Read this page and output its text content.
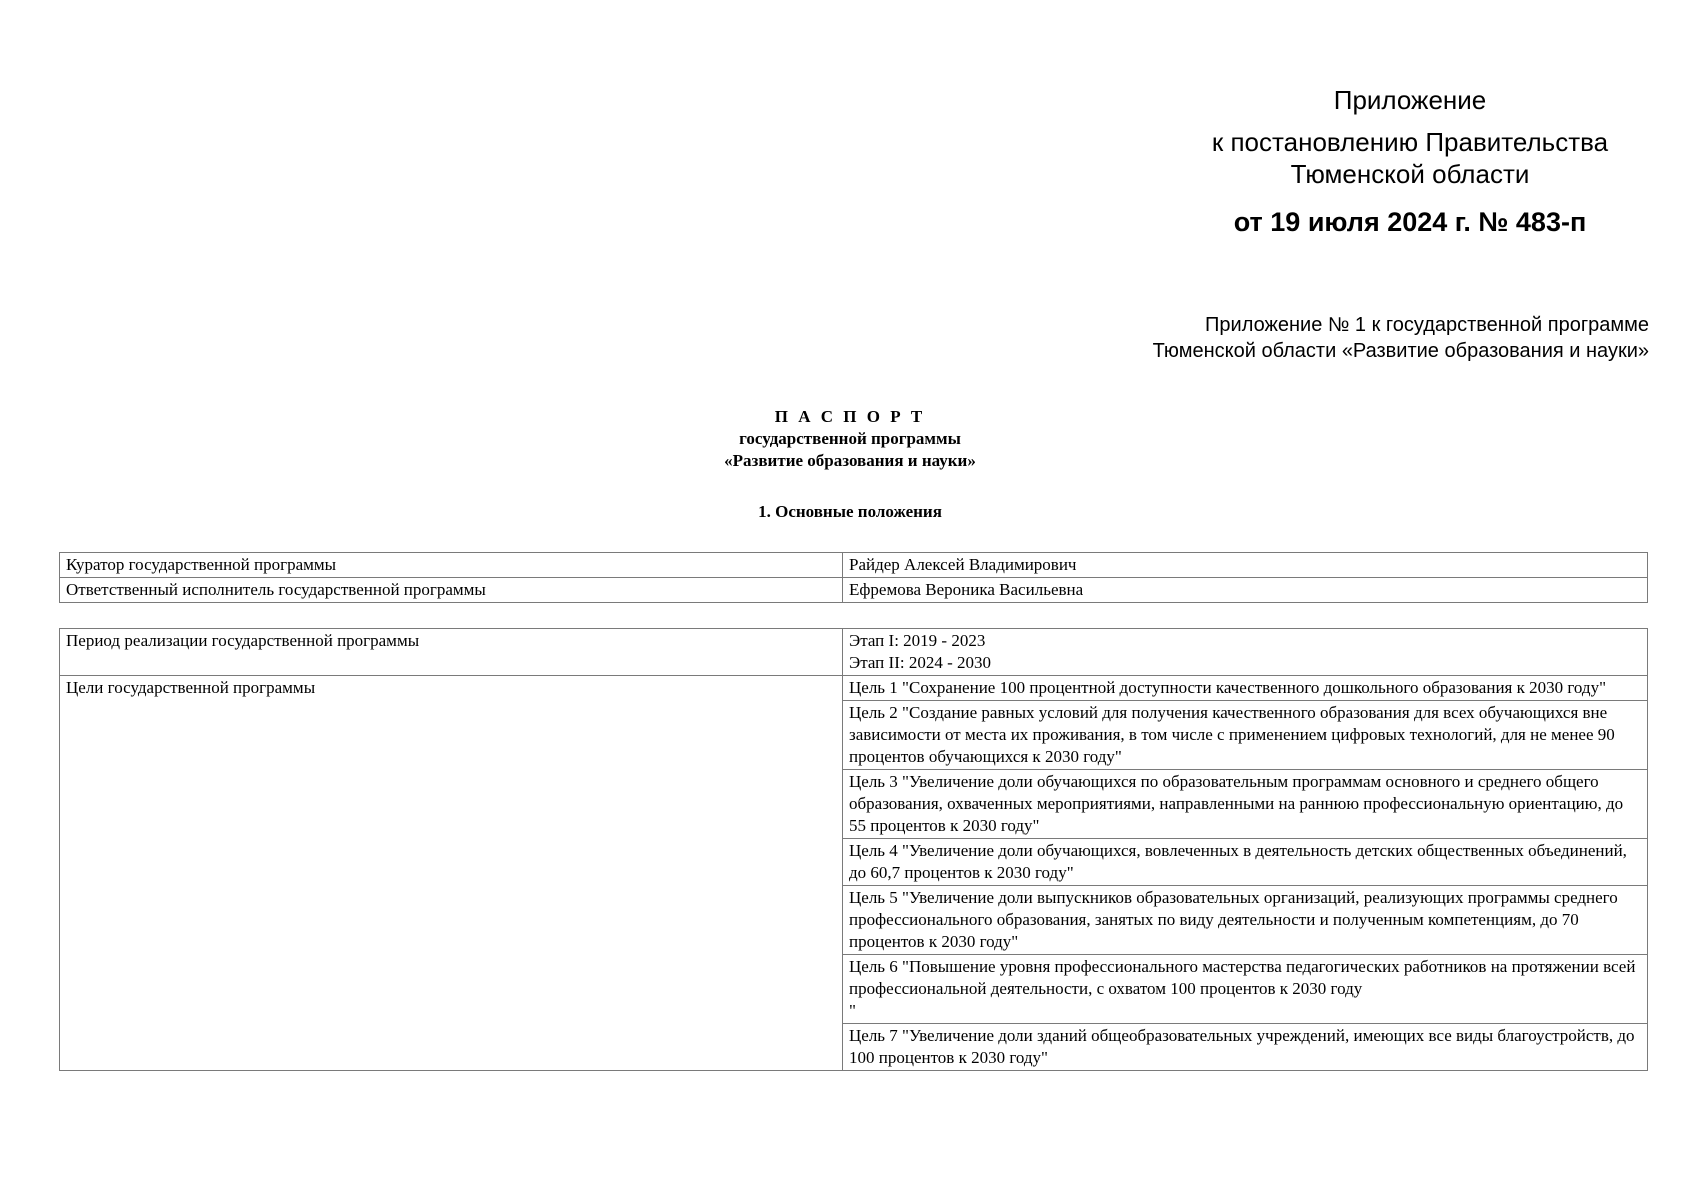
Приложение
к постановлению Правительства
Тюменской области
от 19 июля 2024 г. № 483-п
Приложение № 1 к государственной программе
Тюменской области «Развитие образования и науки»
П А С П О Р Т
государственной программы
«Развитие образования и науки»
1. Основные положения
Куратор государственной программы	Райдер Алексей Владимирович
Ответственный исполнитель государственной программы	Ефремова Вероника Васильевна
Период реализации государственной программы	Этап I: 2019 - 2023
Этап II: 2024 - 2030

Цели государственной программы	Цель 1 "Сохранение 100 процентной доступности качественного дошкольного образования к 2030 году"
	Цель 2 "Создание равных условий для получения качественного образования для всех обучающихся вне зависимости от места их проживания, в том числе с применением цифровых технологий, для не менее 90 процентов обучающихся к 2030 году"
	Цель 3 "Увеличение доли обучающихся по образовательным программам основного и среднего общего образования, охваченных мероприятиями, направленными на раннюю профессиональную ориентацию, до 55 процентов к 2030 году"
	Цель 4 "Увеличение доли обучающихся, вовлеченных в деятельность детских общественных объединений, до 60,7 процентов к 2030 году"
	Цель 5 "Увеличение доли выпускников образовательных организаций, реализующих программы среднего профессионального образования, занятых по виду деятельности и полученным компетенциям, до 70 процентов к 2030 году"
	Цель 6 "Повышение уровня профессионального мастерства педагогических работников на протяжении всей профессиональной деятельности, с охватом 100 процентов к 2030 году
"
	Цель 7 "Увеличение доли зданий общеобразовательных учреждений, имеющих все виды благоустройств, до 100 процентов к 2030 году"
